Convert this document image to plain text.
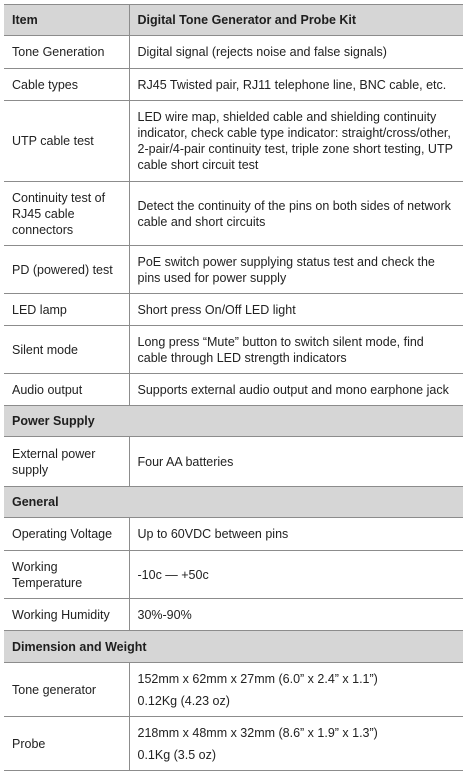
Item	Digital Tone Generator and Probe Kit
Tone Generation	Digital signal (rejects noise and false signals)
Cable types	RJ45 Twisted pair, RJ11 telephone line, BNC cable, etc.
UTP cable test	LED wire map, shielded cable and shielding continuity indicator, check cable type indicator: straight/cross/other, 2-pair/4-pair continuity test, triple zone short testing, UTP cable short circuit test
Continuity test of RJ45 cable connectors	Detect the continuity of the pins on both sides of network cable and short circuits
PD (powered) test	PoE switch power supplying status test and check the pins used for power supply
LED lamp	Short press On/Off LED light
Silent mode	Long press “Mute” button to switch silent mode, find cable through LED strength indicators
Audio output	Supports external audio output and mono earphone jack
Power Supply	
External power supply	Four AA batteries
General	
Operating Voltage	Up to 60VDC between pins
Working Temperature	-10c — +50c
Working Humidity	30%-90%
Dimension and Weight	
Tone generator	152mm x 62mm x 27mm (6.0” x 2.4” x 1.1”)
0.12Kg (4.23 oz)

Probe	218mm x 48mm x 32mm (8.6” x 1.9” x 1.3”)
0.1Kg (3.5 oz)
